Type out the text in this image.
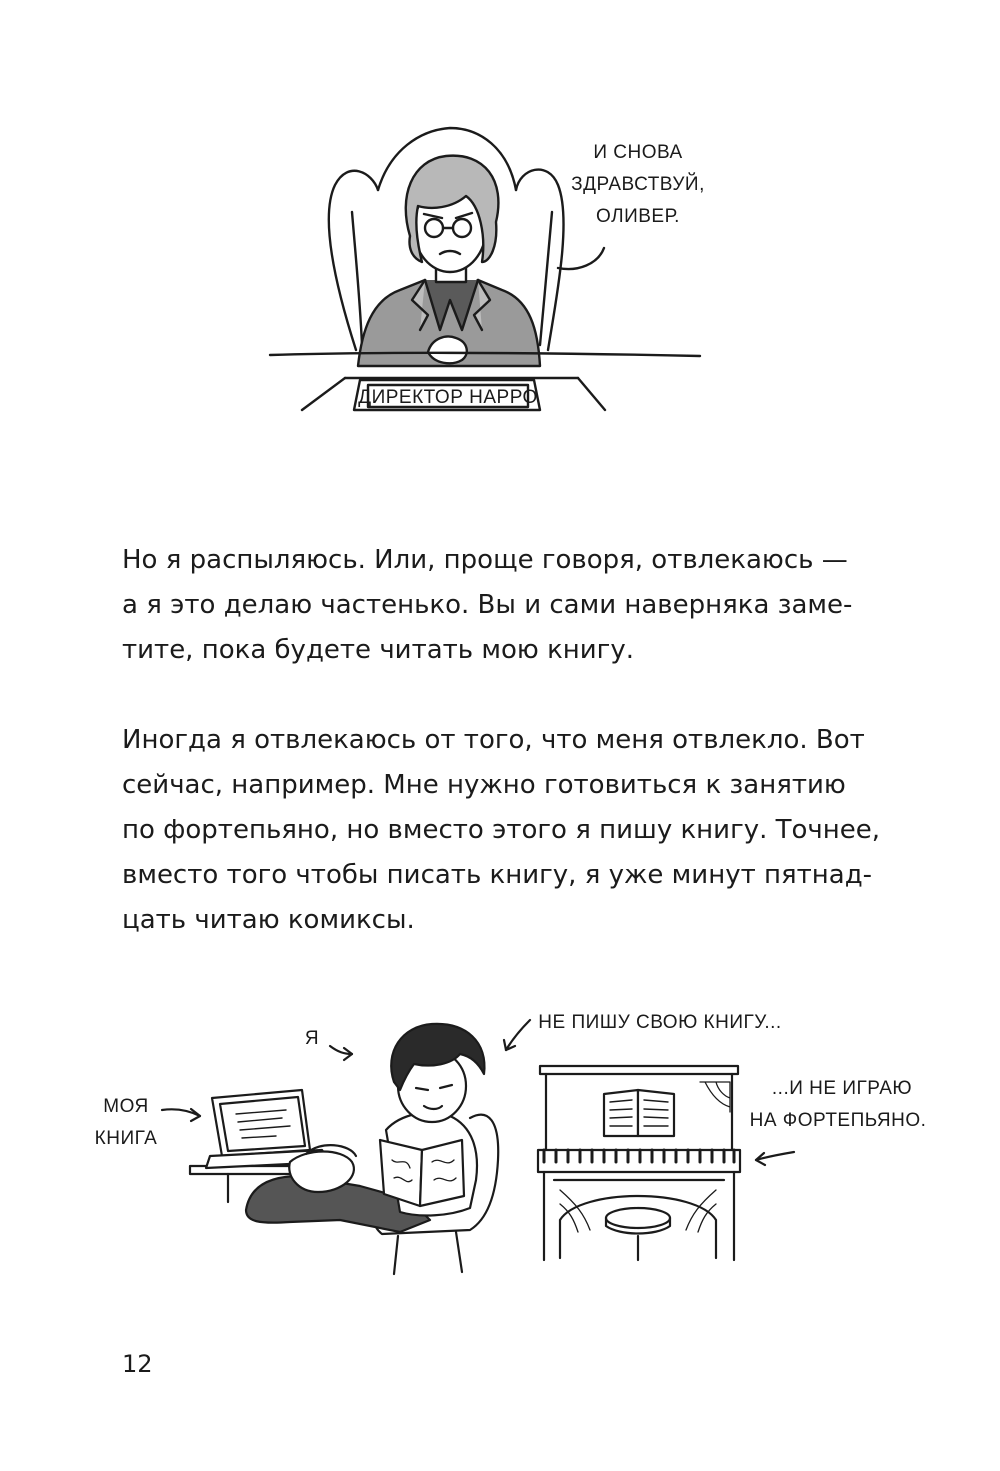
ДИРЕКТОР НАРРО
И СНОВА
ЗДРАВСТВУЙ,
ОЛИВЕР.

Но я распыляюсь. Или, проще говоря, отвлекаюсь —
а я это делаю частенько. Вы и сами наверняка заме-
тите, пока будете читать мою книгу.

Иногда я отвлекаюсь от того, что меня отвлекло. Вот
сейчас, например. Мне нужно готовиться к занятию
по фортепьяно, но вместо этого я пишу книгу. Точнее,
вместо того чтобы писать книгу, я уже минут пятнад-
цать читаю комиксы.

Я
НЕ ПИШУ СВОЮ КНИГУ...
МОЯ
КНИГА
...И НЕ ИГРАЮ
НА ФОРТЕПЬЯНО.
12
